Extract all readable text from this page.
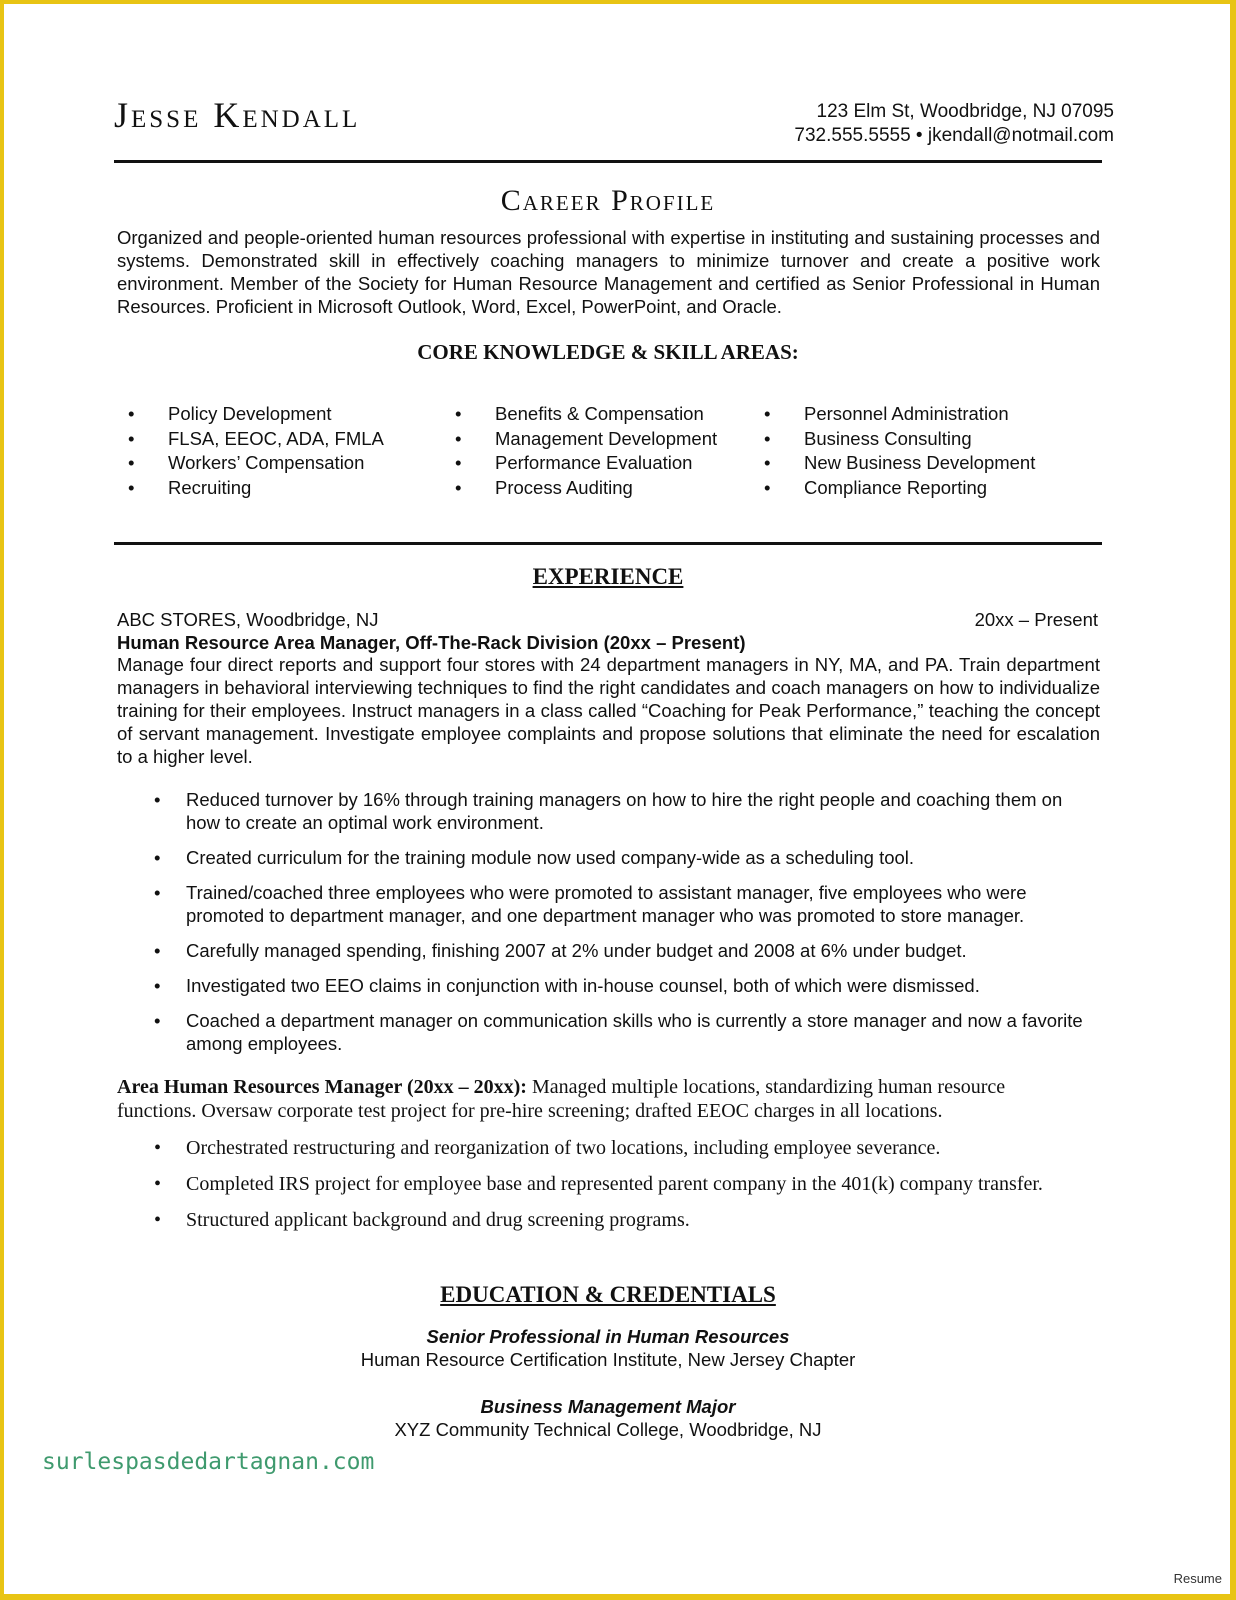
Jesse Kendall	123 Elm St, Woodbridge, NJ 07095
732.555.5555 • jkendall@notmail.com
Career Profile
Organized and people-oriented human resources professional with expertise in instituting and sustaining processes and systems. Demonstrated skill in effectively coaching managers to minimize turnover and create a positive work environment. Member of the Society for Human Resource Management and certified as Senior Professional in Human Resources. Proficient in Microsoft Outlook, Word, Excel, PowerPoint, and Oracle.
CORE KNOWLEDGE & SKILL AREAS:
• Policy Development
• FLSA, EEOC, ADA, FMLA
• Workers’ Compensation
• Recruiting
• Benefits & Compensation
• Management Development
• Performance Evaluation
• Process Auditing
• Personnel Administration
• Business Consulting
• New Business Development
• Compliance Reporting
EXPERIENCE
ABC STORES, Woodbridge, NJ	20xx – Present
Human Resource Area Manager, Off-The-Rack Division (20xx – Present)
Manage four direct reports and support four stores with 24 department managers in NY, MA, and PA. Train department managers in behavioral interviewing techniques to find the right candidates and coach managers on how to individualize training for their employees. Instruct managers in a class called “Coaching for Peak Performance,” teaching the concept of servant management. Investigate employee complaints and propose solutions that eliminate the need for escalation to a higher level.
• Reduced turnover by 16% through training managers on how to hire the right people and coaching them on how to create an optimal work environment.
• Created curriculum for the training module now used company-wide as a scheduling tool.
• Trained/coached three employees who were promoted to assistant manager, five employees who were promoted to department manager, and one department manager who was promoted to store manager.
• Carefully managed spending, finishing 2007 at 2% under budget and 2008 at 6% under budget.
• Investigated two EEO claims in conjunction with in-house counsel, both of which were dismissed.
• Coached a department manager on communication skills who is currently a store manager and now a favorite among employees.
Area Human Resources Manager (20xx – 20xx): Managed multiple locations, standardizing human resource functions. Oversaw corporate test project for pre-hire screening; drafted EEOC charges in all locations.
• Orchestrated restructuring and reorganization of two locations, including employee severance.
• Completed IRS project for employee base and represented parent company in the 401(k) company transfer.
• Structured applicant background and drug screening programs.
EDUCATION & CREDENTIALS
Senior Professional in Human Resources
Human Resource Certification Institute, New Jersey Chapter
Business Management Major
XYZ Community Technical College, Woodbridge, NJ
surlespasdedartagnan.com
Resume
